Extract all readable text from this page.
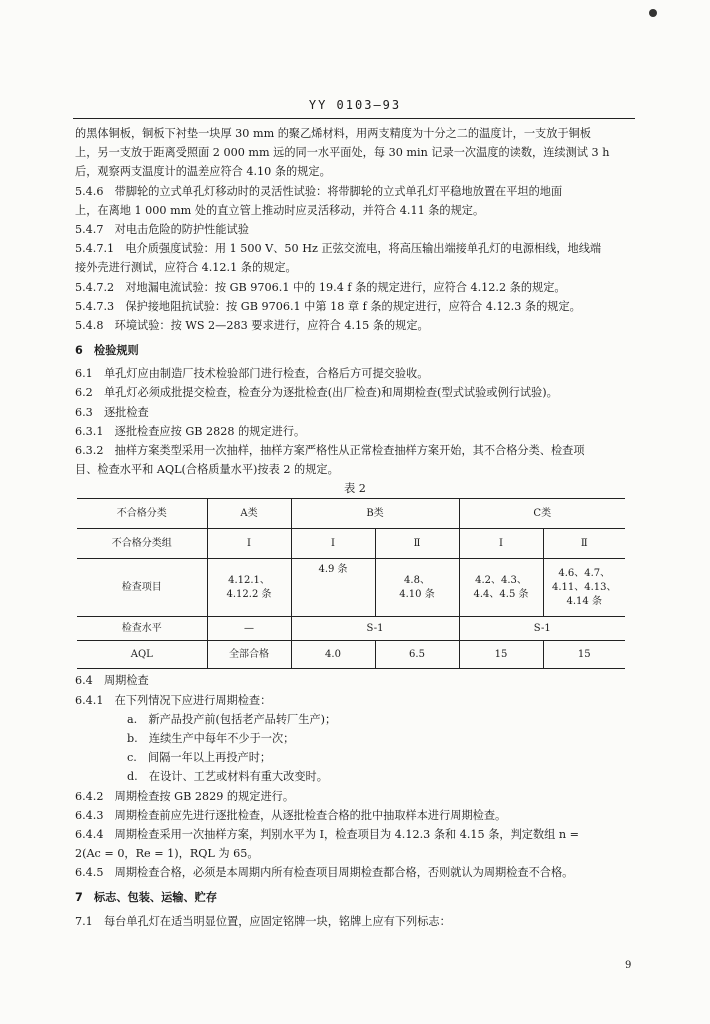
YY 0103—93
的黑体铜板，铜板下衬垫一块厚 30 mm 的聚乙烯材料，用两支精度为十分之二的温度计，一支放于铜板
上，另一支放于距离受照面 2 000 mm 远的同一水平面处，每 30 min 记录一次温度的读数，连续测试 3 h
后，观察两支温度计的温差应符合 4.10 条的规定。
5.4.6　带脚轮的立式单孔灯移动时的灵活性试验：将带脚轮的立式单孔灯平稳地放置在平坦的地面
上，在离地 1 000 mm 处的直立管上推动时应灵活移动，并符合 4.11 条的规定。
5.4.7　对电击危险的防护性能试验
5.4.7.1　电介质强度试验：用 1 500 V、50 Hz 正弦交流电，将高压输出端接单孔灯的电源相线，地线端
接外壳进行测试，应符合 4.12.1 条的规定。
5.4.7.2　对地漏电流试验：按 GB 9706.1 中的 19.4 f 条的规定进行，应符合 4.12.2 条的规定。
5.4.7.3　保护接地阻抗试验：按 GB 9706.1 中第 18 章 f 条的规定进行，应符合 4.12.3 条的规定。
5.4.8　环境试验：按 WS 2—283 要求进行，应符合 4.15 条的规定。
6　检验规则
6.1　单孔灯应由制造厂技术检验部门进行检查，合格后方可提交验收。
6.2　单孔灯必须成批提交检查，检查分为逐批检查(出厂检查)和周期检查(型式试验或例行试验)。
6.3　逐批检查
6.3.1　逐批检查应按 GB 2828 的规定进行。
6.3.2　抽样方案类型采用一次抽样，抽样方案严格性从正常检查抽样方案开始，其不合格分类、检查项
目、检查水平和 AQL(合格质量水平)按表 2 的规定。
表 2
不合格分类	A类	B类		C类	
不合格分类组	Ⅰ	Ⅰ	Ⅱ	Ⅰ	Ⅱ
检查项目	4.12.1、
4.12.2 条	4.9 条	4.8、
4.10 条	4.2、4.3、
4.4、4.5 条	4.6、4.7、
4.11、4.13、
4.14 条

检查水平	—	S-1		S-1	
AQL	全部合格	4.0	6.5	15	15
6.4　周期检查
6.4.1　在下列情况下应进行周期检查：
a.　新产品投产前(包括老产品转厂生产)；
b.　连续生产中每年不少于一次；
c.　间隔一年以上再投产时；
d.　在设计、工艺或材料有重大改变时。
6.4.2　周期检查按 GB 2829 的规定进行。
6.4.3　周期检查前应先进行逐批检查，从逐批检查合格的批中抽取样本进行周期检查。
6.4.4　周期检查采用一次抽样方案，判别水平为 Ⅰ，检查项目为 4.12.3 条和 4.15 条，判定数组 n =
2(Ac = 0，Re = 1)，RQL 为 65。
6.4.5　周期检查合格，必须是本周期内所有检查项目周期检查都合格，否则就认为周期检查不合格。
7　标志、包装、运输、贮存
7.1　每台单孔灯在适当明显位置，应固定铭牌一块，铭牌上应有下列标志：
9
